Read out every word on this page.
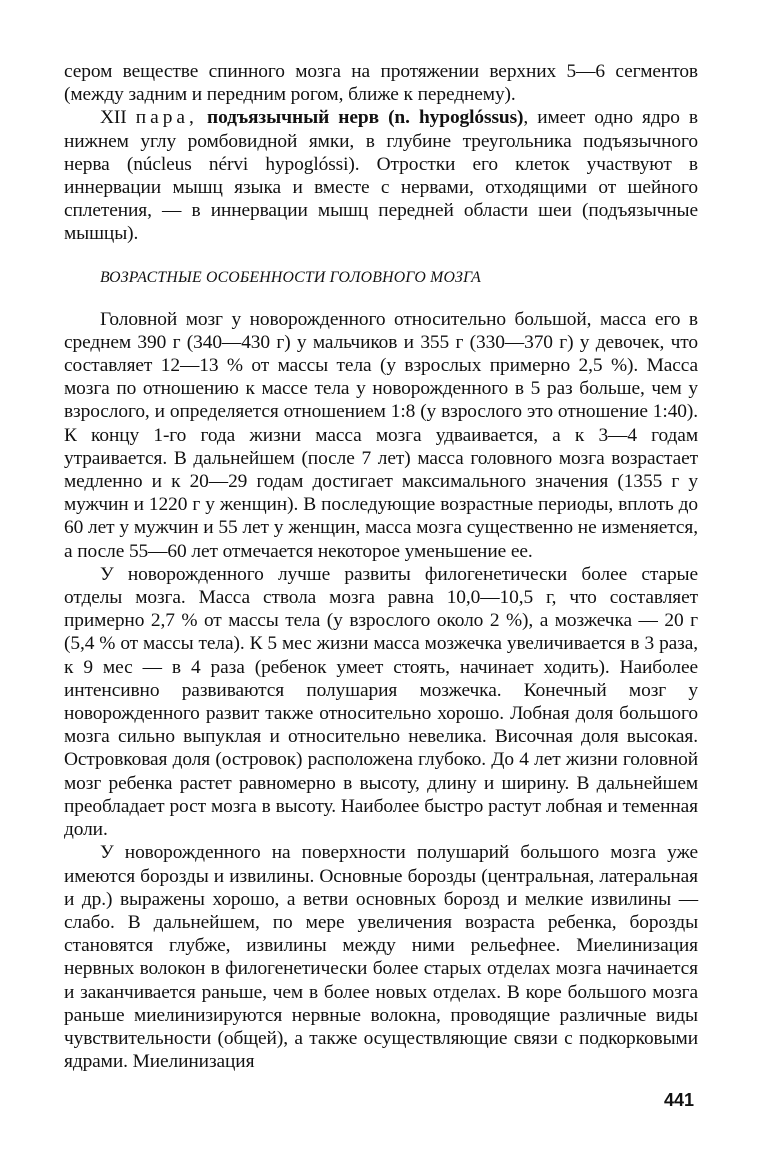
сером веществе спинного мозга на протяжении верхних 5—6 сегментов (между задним и передним рогом, ближе к переднему).

XII пара, подъязычный нерв (n. hypoglóssus), имеет одно ядро в нижнем углу ромбовидной ямки, в глубине треугольника подъязычного нерва (núcleus nérvi hypoglóssi). Отростки его клеток участвуют в иннервации мышц языка и вместе с нервами, отходящими от шейного сплетения, — в иннервации мышц передней области шеи (подъязычные мышцы).

ВОЗРАСТНЫЕ ОСОБЕННОСТИ ГОЛОВНОГО МОЗГА

Головной мозг у новорожденного относительно большой, масса его в среднем 390 г (340—430 г) у мальчиков и 355 г (330—370 г) у девочек, что составляет 12—13 % от массы тела (у взрослых примерно 2,5 %). Масса мозга по отношению к массе тела у новорожденного в 5 раз больше, чем у взрослого, и определяется отношением 1:8 (у взрослого это отношение 1:40). К концу 1-го года жизни масса мозга удваивается, а к 3—4 годам утраивается. В дальнейшем (после 7 лет) масса головного мозга возрастает медленно и к 20—29 годам достигает максимального значения (1355 г у мужчин и 1220 г у женщин). В последующие возрастные периоды, вплоть до 60 лет у мужчин и 55 лет у женщин, масса мозга существенно не изменяется, а после 55—60 лет отмечается некоторое уменьшение ее.

У новорожденного лучше развиты филогенетически более старые отделы мозга. Масса ствола мозга равна 10,0—10,5 г, что составляет примерно 2,7 % от массы тела (у взрослого около 2 %), а мозжечка — 20 г (5,4 % от массы тела). К 5 мес жизни масса мозжечка увеличивается в 3 раза, к 9 мес — в 4 раза (ребенок умеет стоять, начинает ходить). Наиболее интенсивно развиваются полушария мозжечка. Конечный мозг у новорожденного развит также относительно хорошо. Лобная доля большого мозга сильно выпуклая и относительно невелика. Височная доля высокая. Островковая доля (островок) расположена глубоко. До 4 лет жизни головной мозг ребенка растет равномерно в высоту, длину и ширину. В дальнейшем преобладает рост мозга в высоту. Наиболее быстро растут лобная и теменная доли.

У новорожденного на поверхности полушарий большого мозга уже имеются борозды и извилины. Основные борозды (центральная, латеральная и др.) выражены хорошо, а ветви основных борозд и мелкие извилины — слабо. В дальнейшем, по мере увеличения возраста ребенка, борозды становятся глубже, извилины между ними рельефнее. Миелинизация нервных волокон в филогенетически более старых отделах мозга начинается и заканчивается раньше, чем в более новых отделах. В коре большого мозга раньше миелинизируются нервные волокна, проводящие различные виды чувствительности (общей), а также осуществляющие связи с подкорковыми ядрами. Миелинизация

441
